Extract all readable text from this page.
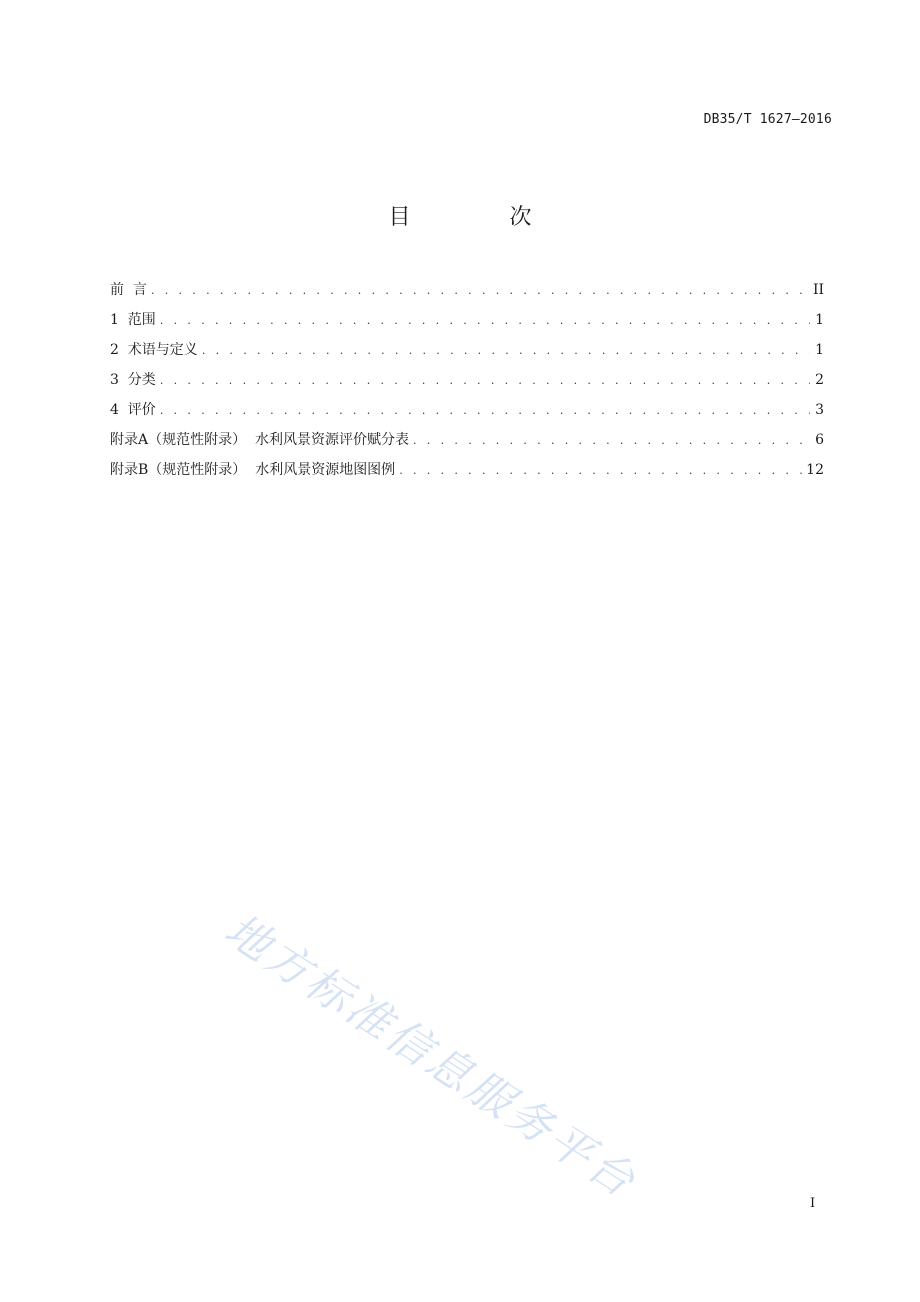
DB35/T 1627—2016
目 次
前  言 . . .	II
1  范围 . . .	1
2  术语与定义 . . .	1
3  分类 . . .	2
4  评价 . . .	3
附录A（规范性附录）  水利风景资源评价赋分表 . . .	6
附录B（规范性附录）  水利风景资源地图图例 . . .	12
地方标准信息服务平台	I
